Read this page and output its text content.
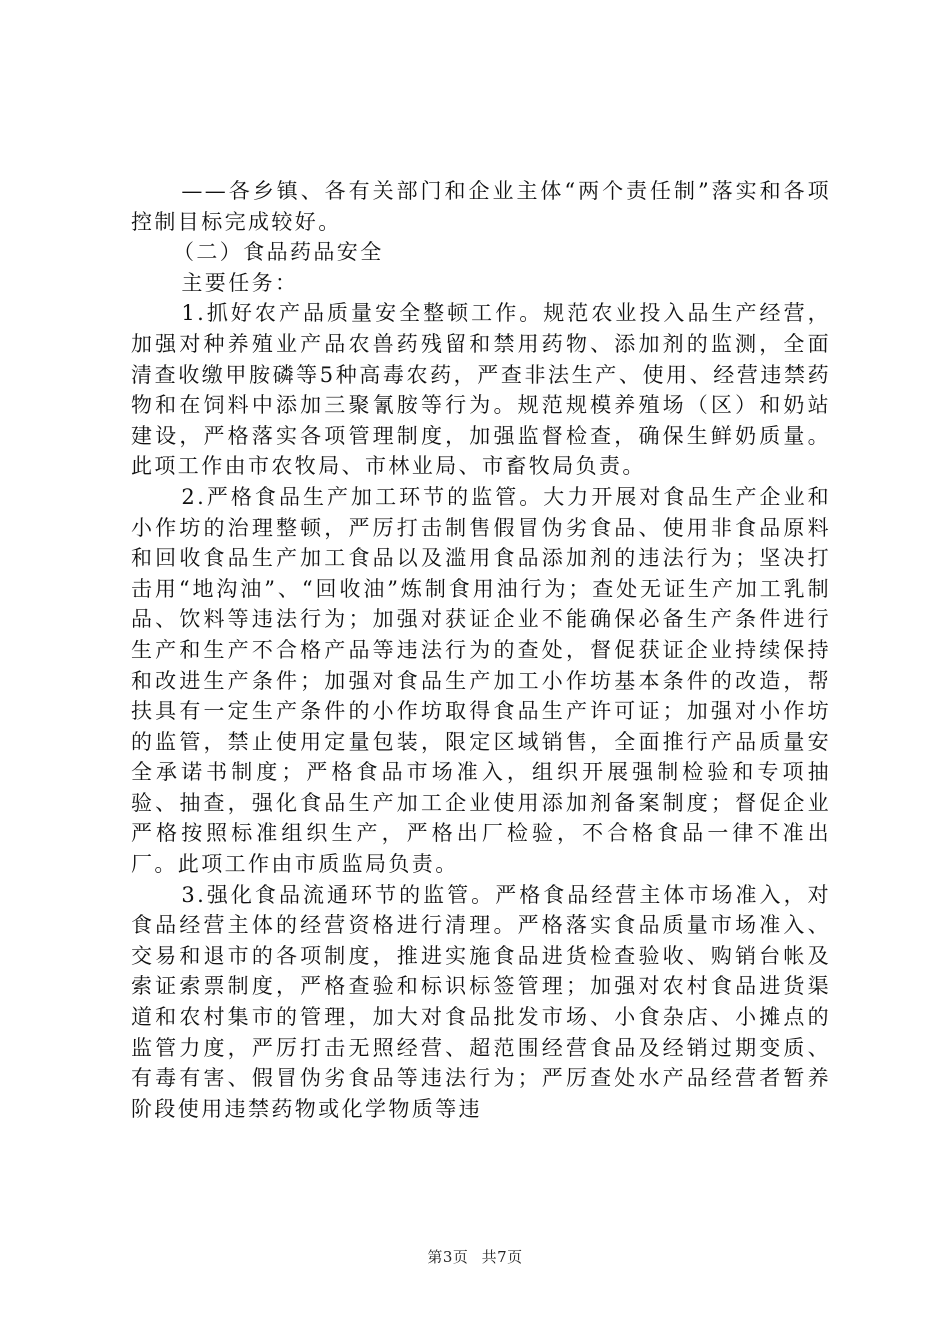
——各乡镇、各有关部门和企业主体“两个责任制”落实和各项控制目标完成较好。

（二）食品药品安全

主要任务：

1.抓好农产品质量安全整顿工作。规范农业投入品生产经营，加强对种养殖业产品农兽药残留和禁用药物、添加剂的监测，全面清查收缴甲胺磷等5种高毒农药，严查非法生产、使用、经营违禁药物和在饲料中添加三聚氰胺等行为。规范规模养殖场（区）和奶站建设，严格落实各项管理制度，加强监督检查，确保生鲜奶质量。此项工作由市农牧局、市林业局、市畜牧局负责。

2.严格食品生产加工环节的监管。大力开展对食品生产企业和小作坊的治理整顿，严厉打击制售假冒伪劣食品、使用非食品原料和回收食品生产加工食品以及滥用食品添加剂的违法行为；坚决打击用“地沟油”、“回收油”炼制食用油行为；查处无证生产加工乳制品、饮料等违法行为；加强对获证企业不能确保必备生产条件进行生产和生产不合格产品等违法行为的查处，督促获证企业持续保持和改进生产条件；加强对食品生产加工小作坊基本条件的改造，帮扶具有一定生产条件的小作坊取得食品生产许可证；加强对小作坊的监管，禁止使用定量包装，限定区域销售，全面推行产品质量安全承诺书制度；严格食品市场准入，组织开展强制检验和专项抽验、抽查，强化食品生产加工企业使用添加剂备案制度；督促企业严格按照标准组织生产，严格出厂检验，不合格食品一律不准出厂。此项工作由市质监局负责。

3.强化食品流通环节的监管。严格食品经营主体市场准入，对食品经营主体的经营资格进行清理。严格落实食品质量市场准入、交易和退市的各项制度，推进实施食品进货检查验收、购销台帐及索证索票制度，严格查验和标识标签管理；加强对农村食品进货渠道和农村集市的管理，加大对食品批发市场、小食杂店、小摊点的监管力度，严厉打击无照经营、超范围经营食品及经销过期变质、有毒有害、假冒伪劣食品等违法行为；严厉查处水产品经营者暂养阶段使用违禁药物或化学物质等违

第3页 共7页
